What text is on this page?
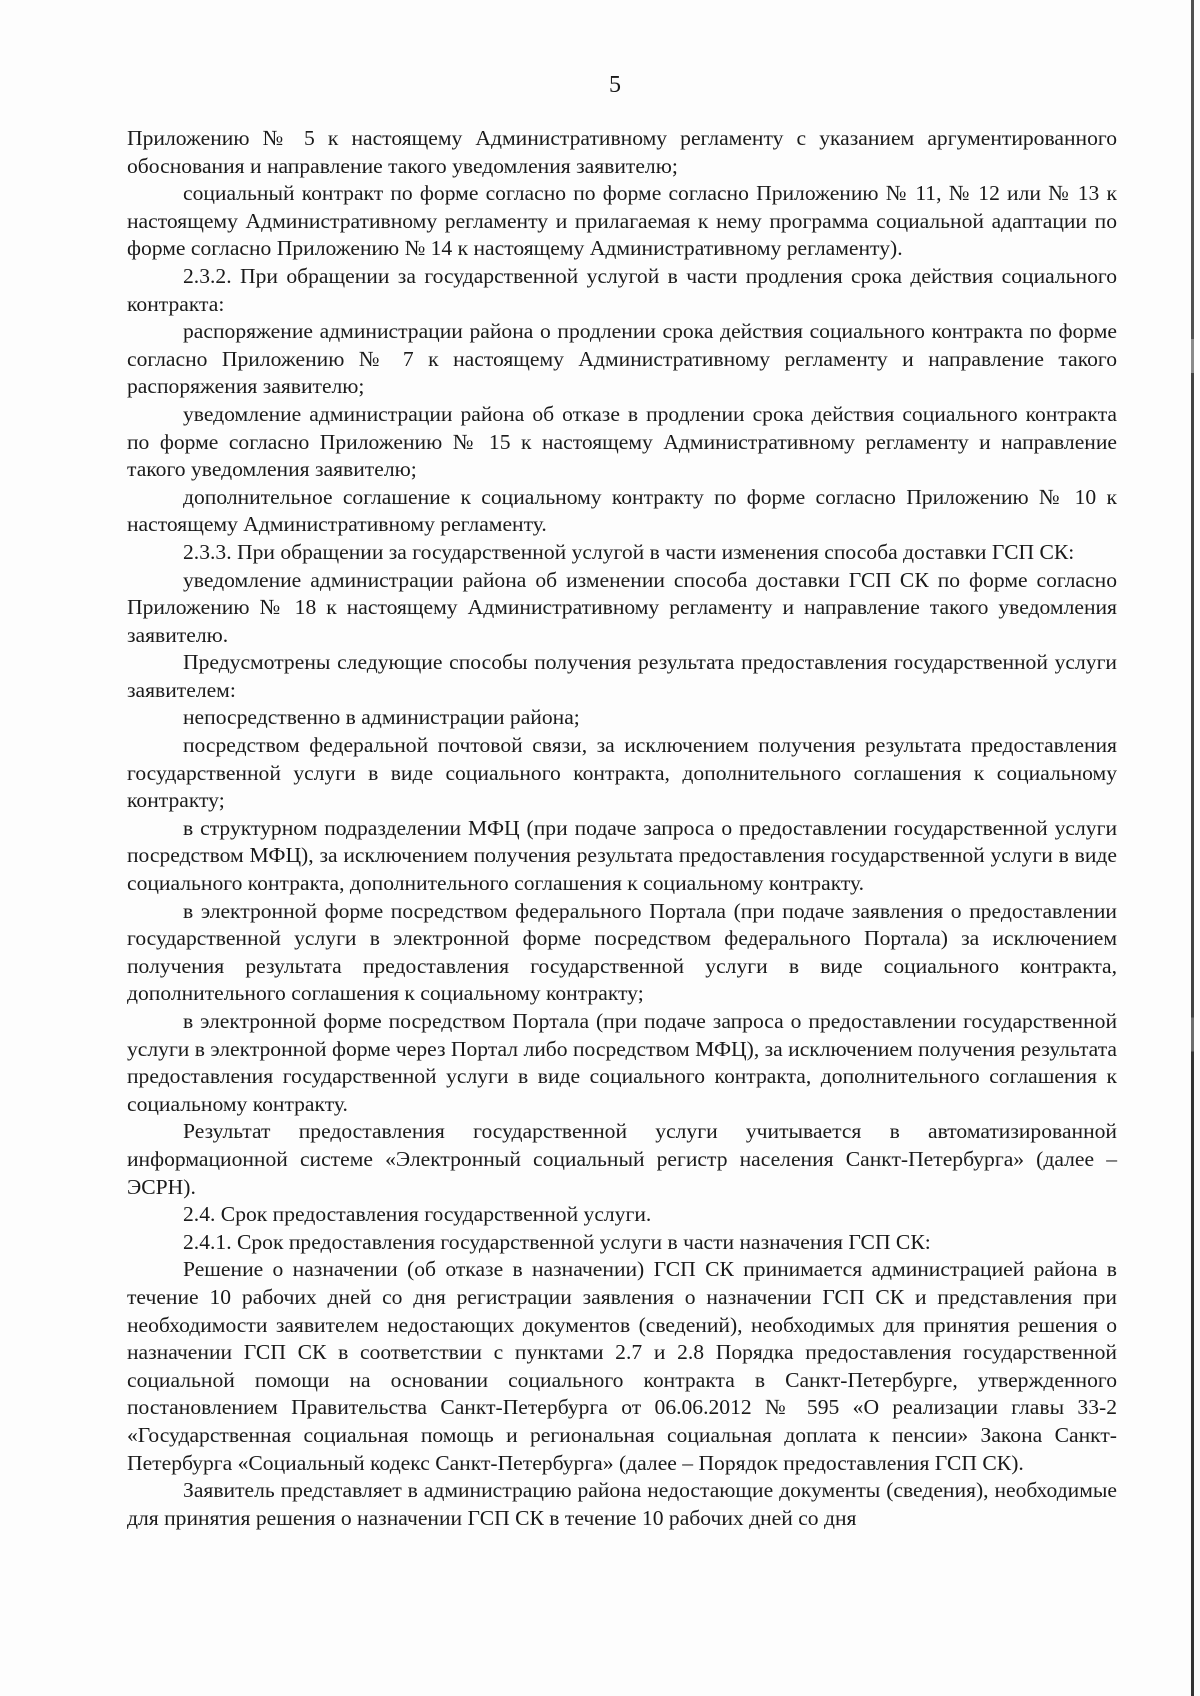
5

Приложению № 5 к настоящему Административному регламенту с указанием аргументированного обоснования и направление такого уведомления заявителю;

социальный контракт по форме согласно по форме согласно Приложению № 11, № 12 или № 13 к настоящему Административному регламенту и прилагаемая к нему программа социальной адаптации по форме согласно Приложению № 14 к настоящему Административному регламенту).

2.3.2. При обращении за государственной услугой в части продления срока действия социального контракта:

распоряжение администрации района о продлении срока действия социального контракта по форме согласно Приложению № 7 к настоящему Административному регламенту и направление такого распоряжения заявителю;

уведомление администрации района об отказе в продлении срока действия социального контракта по форме согласно Приложению № 15 к настоящему Административному регламенту и направление такого уведомления заявителю;

дополнительное соглашение к социальному контракту по форме согласно Приложению № 10 к настоящему Административному регламенту.

2.3.3. При обращении за государственной услугой в части изменения способа доставки ГСП СК:

уведомление администрации района об изменении способа доставки ГСП СК по форме согласно Приложению № 18 к настоящему Административному регламенту и направление такого уведомления заявителю.

Предусмотрены следующие способы получения результата предоставления государственной услуги заявителем:

непосредственно в администрации района;

посредством федеральной почтовой связи, за исключением получения результата предоставления государственной услуги в виде социального контракта, дополнительного соглашения к социальному контракту;

в структурном подразделении МФЦ (при подаче запроса о предоставлении государственной услуги посредством МФЦ), за исключением получения результата предоставления государственной услуги в виде социального контракта, дополнительного соглашения к социальному контракту.

в электронной форме посредством федерального Портала (при подаче заявления о предоставлении государственной услуги в электронной форме посредством федерального Портала) за исключением получения результата предоставления государственной услуги в виде социального контракта, дополнительного соглашения к социальному контракту;

в электронной форме посредством Портала (при подаче запроса о предоставлении государственной услуги в электронной форме через Портал либо посредством МФЦ), за исключением получения результата предоставления государственной услуги в виде социального контракта, дополнительного соглашения к социальному контракту.

Результат предоставления государственной услуги учитывается в автоматизированной информационной системе «Электронный социальный регистр населения Санкт-Петербурга» (далее – ЭСРН).

2.4. Срок предоставления государственной услуги.

2.4.1. Срок предоставления государственной услуги в части назначения ГСП СК:

Решение о назначении (об отказе в назначении) ГСП СК принимается администрацией района в течение 10 рабочих дней со дня регистрации заявления о назначении ГСП СК и представления при необходимости заявителем недостающих документов (сведений), необходимых для принятия решения о назначении ГСП СК в соответствии с пунктами 2.7 и 2.8 Порядка предоставления государственной социальной помощи на основании социального контракта в Санкт-Петербурге, утвержденного постановлением Правительства Санкт-Петербурга от 06.06.2012 № 595 «О реализации главы 33-2 «Государственная социальная помощь и региональная социальная доплата к пенсии» Закона Санкт-Петербурга «Социальный кодекс Санкт-Петербурга» (далее – Порядок предоставления ГСП СК).

Заявитель представляет в администрацию района недостающие документы (сведения), необходимые для принятия решения о назначении ГСП СК в течение 10 рабочих дней со дня
